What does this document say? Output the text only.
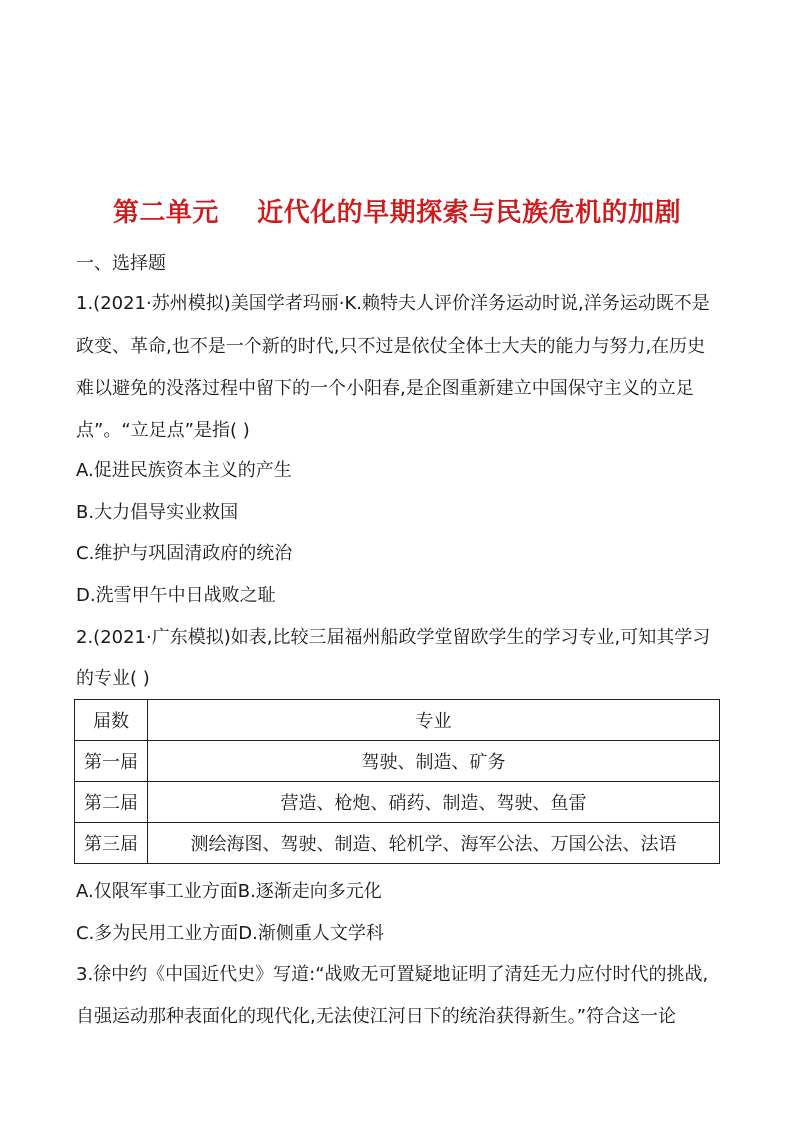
第二单元    近代化的早期探索与民族危机的加剧
一、选择题
1.(2021·苏州模拟)美国学者玛丽·K.赖特夫人评价洋务运动时说,洋务运动既不是
政变、革命,也不是一个新的时代,只不过是依仗全体士大夫的能力与努力,在历史
难以避免的没落过程中留下的一个小阳春,是企图重新建立中国保守主义的立足
点”。“立足点”是指( )
A.促进民族资本主义的产生
B.大力倡导实业救国
C.维护与巩固清政府的统治
D.洗雪甲午中日战败之耻
2.(2021·广东模拟)如表,比较三届福州船政学堂留欧学生的学习专业,可知其学习
的专业( )
届数	专业
第一届	驾驶、制造、矿务
第二届	营造、枪炮、硝药、制造、驾驶、鱼雷
第三届	测绘海图、驾驶、制造、轮机学、海军公法、万国公法、法语
A.仅限军事工业方面B.逐渐走向多元化
C.多为民用工业方面D.渐侧重人文学科
3.徐中约《中国近代史》写道:“战败无可置疑地证明了清廷无力应付时代的挑战,
自强运动那种表面化的现代化,无法使江河日下的统治获得新生。”符合这一论
